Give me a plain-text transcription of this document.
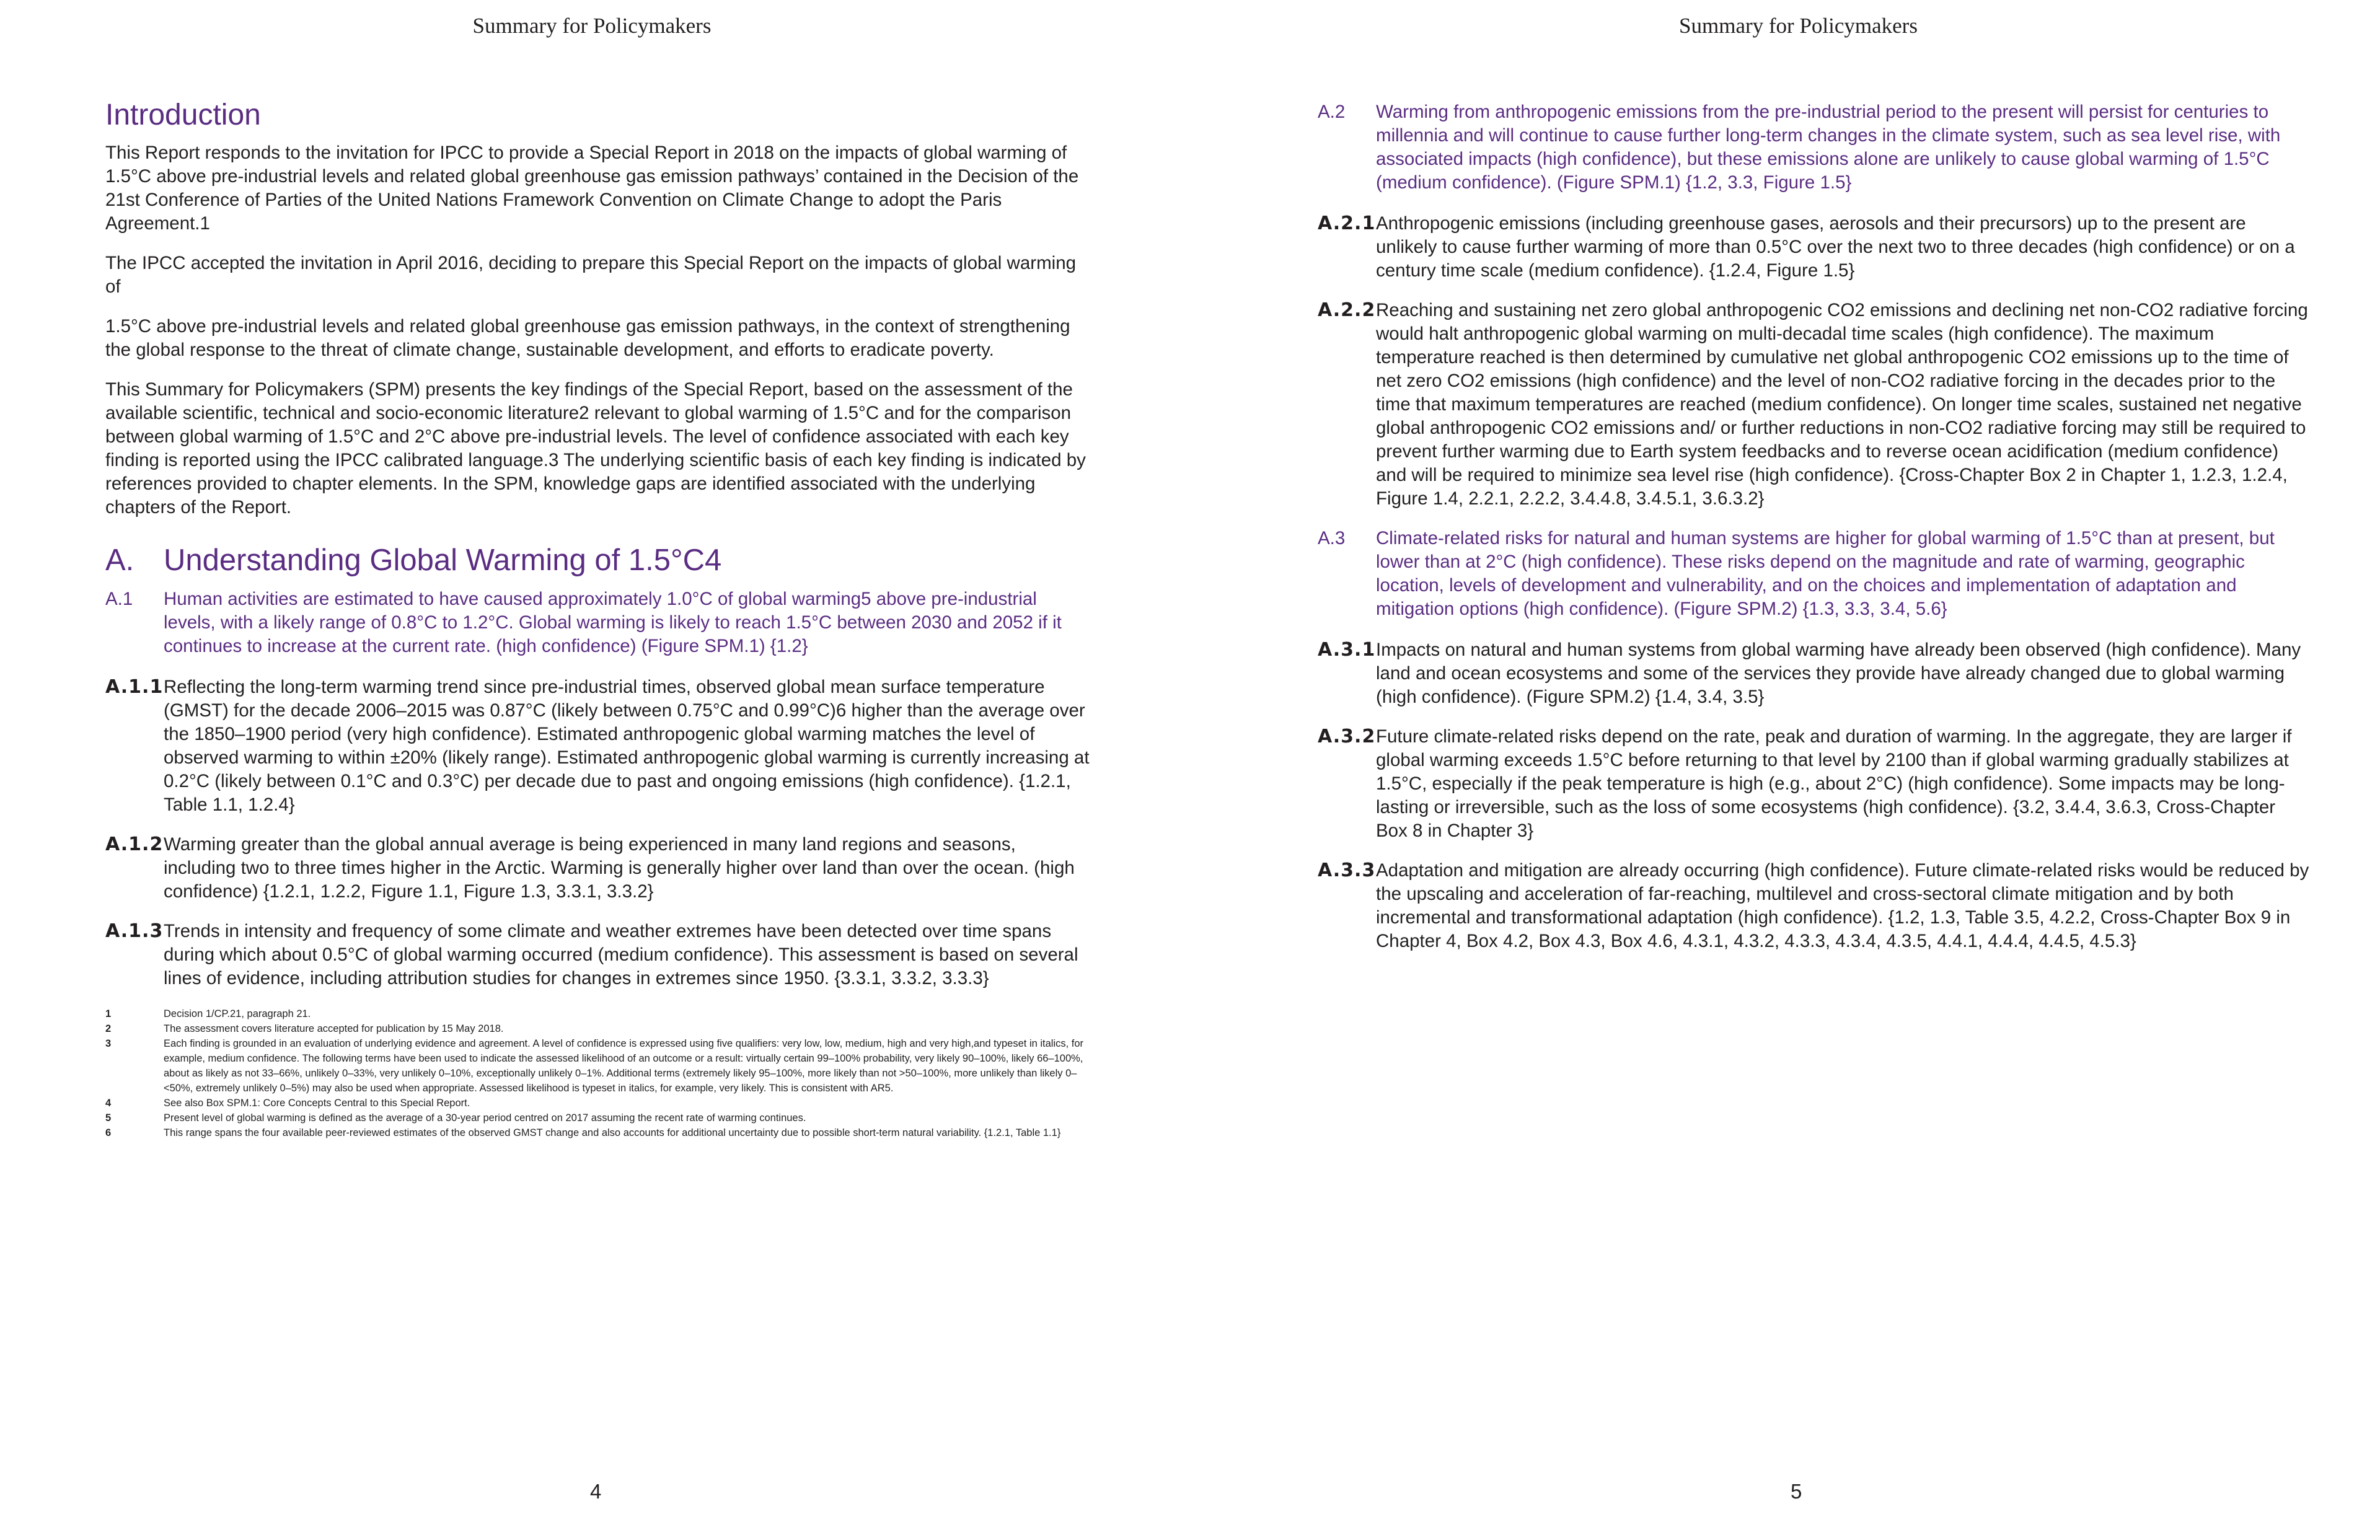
Summary for Policymakers
Introduction

This Report responds to the invitation for IPCC to provide a Special Report in 2018 on the impacts of global warming of 1.5°C above pre-industrial levels and related global greenhouse gas emission pathways’ contained in the Decision of the 21st Conference of Parties of the United Nations Framework Convention on Climate Change to adopt the Paris Agreement.1

The IPCC accepted the invitation in April 2016, deciding to prepare this Special Report on the impacts of global warming of

1.5°C above pre-industrial levels and related global greenhouse gas emission pathways, in the context of strengthening the global response to the threat of climate change, sustainable development, and efforts to eradicate poverty.

This Summary for Policymakers (SPM) presents the key findings of the Special Report, based on the assessment of the available scientific, technical and socio-economic literature2 relevant to global warming of 1.5°C and for the comparison between global warming of 1.5°C and 2°C above pre-industrial levels. The level of confidence associated with each key finding is reported using the IPCC calibrated language.3 The underlying scientific basis of each key finding is indicated by references provided to chapter elements. In the SPM, knowledge gaps are identified associated with the underlying chapters of the Report.

A. Understanding Global Warming of 1.5°C4
A.1	Human activities are estimated to have caused approximately 1.0°C of global warming5 above pre-industrial levels, with a likely range of 0.8°C to 1.2°C. Global warming is likely to reach 1.5°C between 2030 and 2052 if it continues to increase at the current rate. (high confidence) (Figure SPM.1) {1.2}

A.1.1Reflecting the long-term warming trend since pre-industrial times, observed global mean surface temperature (GMST) for the decade 2006–2015 was 0.87°C (likely between 0.75°C and 0.99°C)6 higher than the average over the 1850–1900 period (very high confidence). Estimated anthropogenic global warming matches the level of observed warming to within ±20% (likely range). Estimated anthropogenic global warming is currently increasing at 0.2°C (likely between 0.1°C and 0.3°C) per decade due to past and ongoing emissions (high confidence). {1.2.1, Table 1.1, 1.2.4}

A.1.2Warming greater than the global annual average is being experienced in many land regions and seasons, including two to three times higher in the Arctic. Warming is generally higher over land than over the ocean. (high confidence) {1.2.1, 1.2.2, Figure 1.1, Figure 1.3, 3.3.1, 3.3.2}

A.1.3Trends in intensity and frequency of some climate and weather extremes have been detected over time spans during which about 0.5°C of global warming occurred (medium confidence). This assessment is based on several lines of evidence, including attribution studies for changes in extremes since 1950. {3.3.1, 3.3.2, 3.3.3}

1	Decision 1/CP.21, paragraph 21.
2	The assessment covers literature accepted for publication by 15 May 2018.
3	Each finding is grounded in an evaluation of underlying evidence and agreement. A level of confidence is expressed using five qualifiers: very low, low, medium, high and very high,and typeset in italics, for example, medium confidence. The following terms have been used to indicate the assessed likelihood of an outcome or a result: virtually certain 99–100% probability, very likely 90–100%, likely 66–100%, about as likely as not 33–66%, unlikely 0–33%, very unlikely 0–10%, exceptionally unlikely 0–1%. Additional terms (extremely likely 95–100%, more likely than not >50–100%, more unlikely than likely 0–<50%, extremely unlikely 0–5%) may also be used when appropriate. Assessed likelihood is typeset in italics, for example, very likely. This is consistent with AR5.
4	See also Box SPM.1: Core Concepts Central to this Special Report.
5	Present level of global warming is defined as the average of a 30-year period centred on 2017 assuming the recent rate of warming continues.
6	This range spans the four available peer-reviewed estimates of the observed GMST change and also accounts for additional uncertainty due to possible short-term natural variability. {1.2.1, Table 1.1}
4
Summary for Policymakers
A.2	Warming from anthropogenic emissions from the pre-industrial period to the present will persist for centuries to millennia and will continue to cause further long-term changes in the climate system, such as sea level rise, with associated impacts (high confidence), but these emissions alone are unlikely to cause global warming of 1.5°C (medium confidence). (Figure SPM.1) {1.2, 3.3, Figure 1.5}

A.2.1Anthropogenic emissions (including greenhouse gases, aerosols and their precursors) up to the present are unlikely to cause further warming of more than 0.5°C over the next two to three decades (high confidence) or on a century time scale (medium confidence). {1.2.4, Figure 1.5}

A.2.2Reaching and sustaining net zero global anthropogenic CO2 emissions and declining net non-CO2 radiative forcing would halt anthropogenic global warming on multi-decadal time scales (high confidence). The maximum temperature reached is then determined by cumulative net global anthropogenic CO2 emissions up to the time of net zero CO2 emissions (high confidence) and the level of non-CO2 radiative forcing in the decades prior to the time that maximum temperatures are reached (medium confidence). On longer time scales, sustained net negative global anthropogenic CO2 emissions and/ or further reductions in non-CO2 radiative forcing may still be required to prevent further warming due to Earth system feedbacks and to reverse ocean acidification (medium confidence) and will be required to minimize sea level rise (high confidence). {Cross-Chapter Box 2 in Chapter 1, 1.2.3, 1.2.4, Figure 1.4, 2.2.1, 2.2.2, 3.4.4.8, 3.4.5.1, 3.6.3.2}

A.3	Climate-related risks for natural and human systems are higher for global warming of 1.5°C than at present, but lower than at 2°C (high confidence). These risks depend on the magnitude and rate of warming, geographic location, levels of development and vulnerability, and on the choices and implementation of adaptation and mitigation options (high confidence). (Figure SPM.2) {1.3, 3.3, 3.4, 5.6}

A.3.1Impacts on natural and human systems from global warming have already been observed (high confidence). Many land and ocean ecosystems and some of the services they provide have already changed due to global warming (high confidence). (Figure SPM.2) {1.4, 3.4, 3.5}

A.3.2Future climate-related risks depend on the rate, peak and duration of warming. In the aggregate, they are larger if global warming exceeds 1.5°C before returning to that level by 2100 than if global warming gradually stabilizes at 1.5°C, especially if the peak temperature is high (e.g., about 2°C) (high confidence). Some impacts may be long-lasting or irreversible, such as the loss of some ecosystems (high confidence). {3.2, 3.4.4, 3.6.3, Cross-Chapter Box 8 in Chapter 3}

A.3.3Adaptation and mitigation are already occurring (high confidence). Future climate-related risks would be reduced by the upscaling and acceleration of far-reaching, multilevel and cross-sectoral climate mitigation and by both incremental and transformational adaptation (high confidence). {1.2, 1.3, Table 3.5, 4.2.2, Cross-Chapter Box 9 in Chapter 4, Box 4.2, Box 4.3, Box 4.6, 4.3.1, 4.3.2, 4.3.3, 4.3.4, 4.3.5, 4.4.1, 4.4.4, 4.4.5, 4.5.3}

5
